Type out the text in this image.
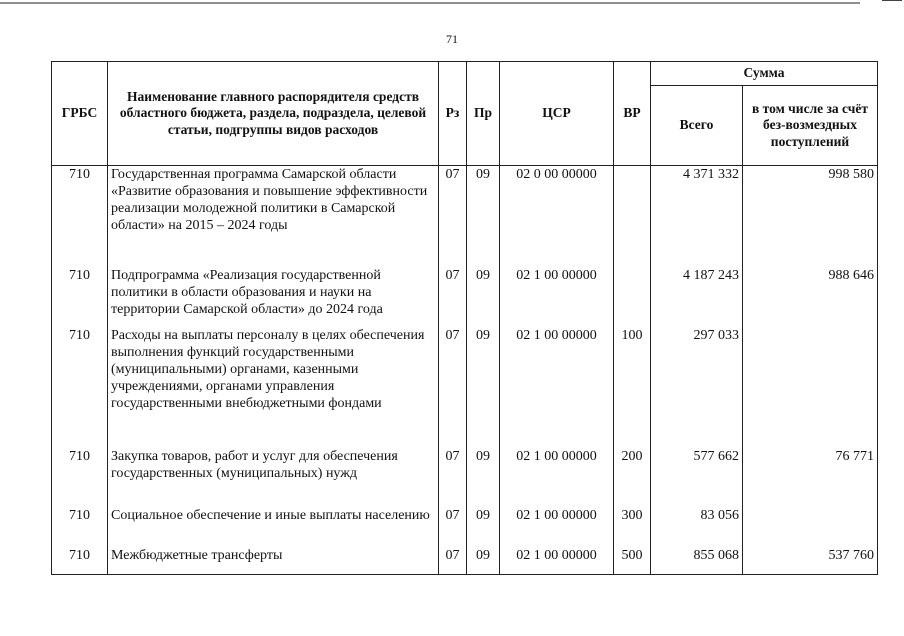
71
ГРБС	Наименование главного распорядителя средств областного бюджета, раздела, подраздела, целевой статьи, подгруппы видов расходов	Рз	Пр	ЦСР	ВР	Сумма	
						Всего	в том числе за счёт без-возмездных поступлений
710	Государственная программа Самарской области «Развитие образования и повышение эффективности реализации молодежной политики в Самарской области» на 2015 – 2024 годы	07	09	02 0 00 00000		4 371 332	998 580
710	Подпрограмма «Реализация государственной политики в области образования и науки на территории Самарской области» до 2024 года	07	09	02 1 00 00000		4 187 243	988 646
710	Расходы на выплаты персоналу в целях обеспечения выполнения функций государственными (муниципальными) органами, казенными учреждениями, органами управления государственными внебюджетными фондами	07	09	02 1 00 00000	100	297 033	
710	Закупка товаров, работ и услуг для обеспечения государственных (муниципальных) нужд	07	09	02 1 00 00000	200	577 662	76 771
710	Социальное обеспечение и иные выплаты населению	07	09	02 1 00 00000	300	83 056	
710	Межбюджетные трансферты	07	09	02 1 00 00000	500	855 068	537 760
